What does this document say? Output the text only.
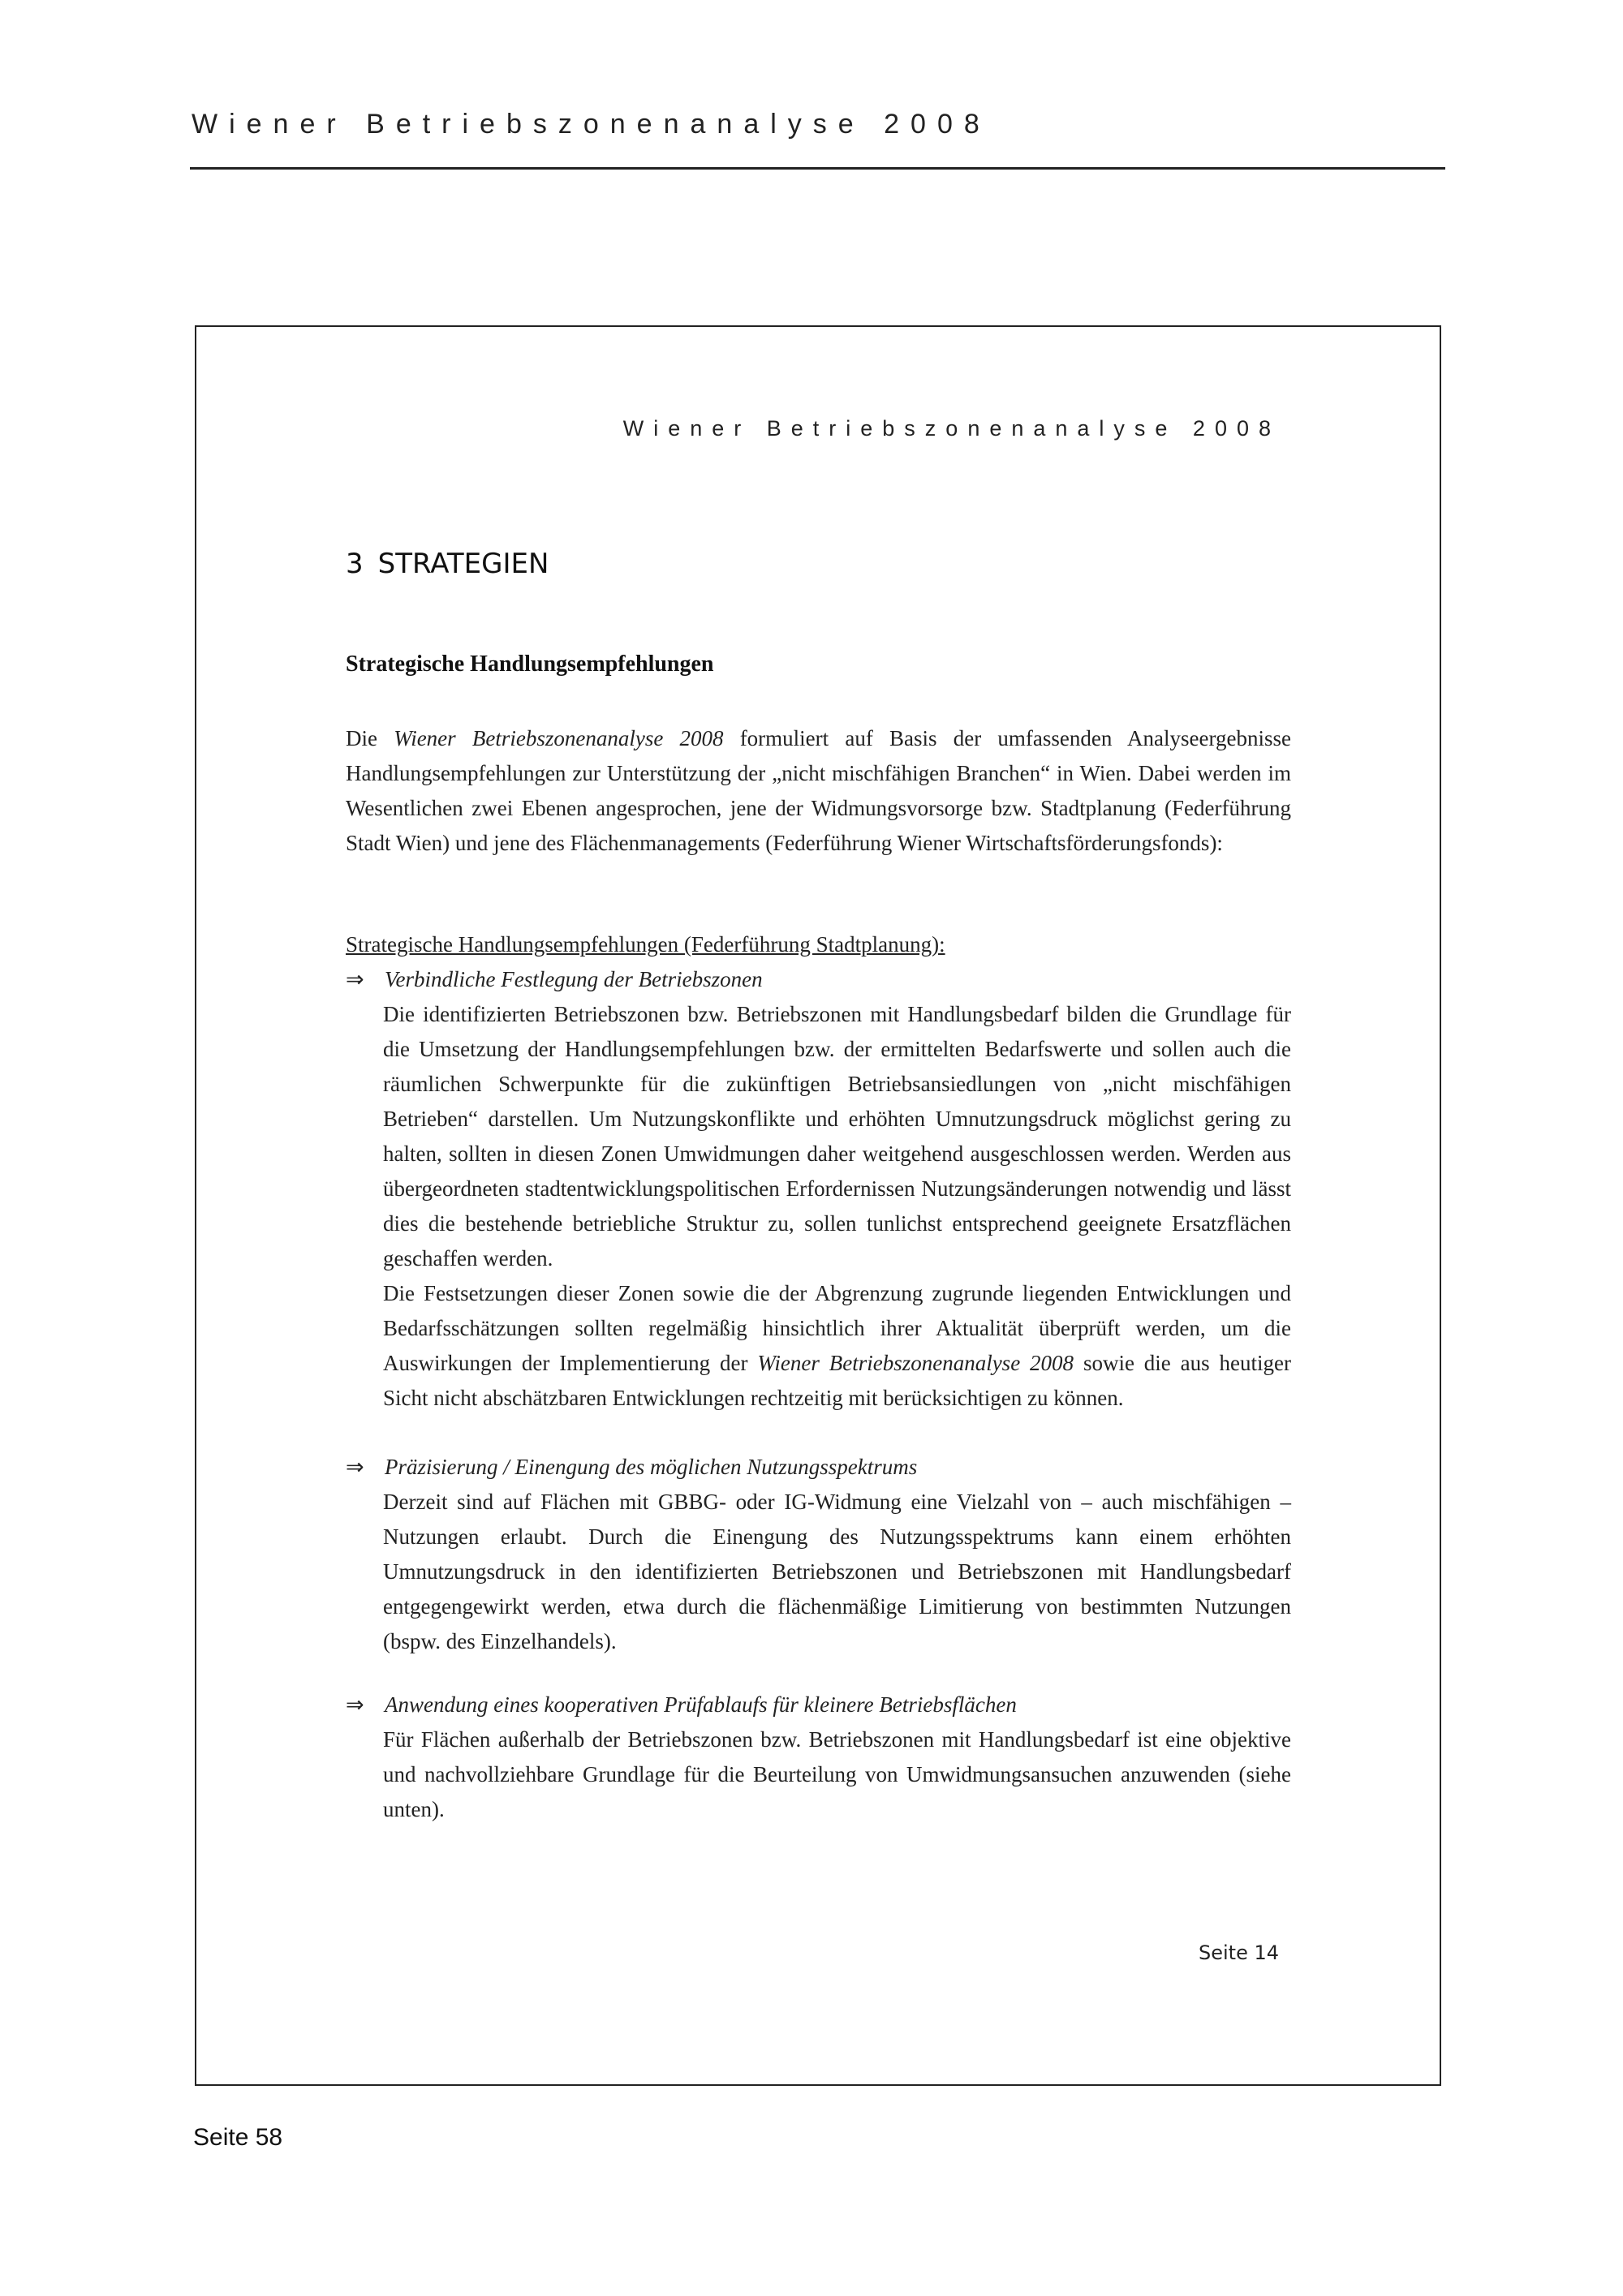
Wiener Betriebszonenanalyse 2008
Wiener Betriebszonenanalyse 2008
3 STRATEGIEN
Strategische Handlungsempfehlungen
Die Wiener Betriebszonenanalyse 2008 formuliert auf Basis der umfassenden Analyseergebnisse Handlungsempfehlungen zur Unterstützung der „nicht mischfähigen Branchen“ in Wien. Dabei werden im Wesentlichen zwei Ebenen angesprochen, jene der Widmungsvorsorge bzw. Stadtplanung (Federführung Stadt Wien) und jene des Flächenmanagements (Federführung Wiener Wirtschaftsförderungsfonds):
Strategische Handlungsempfehlungen (Federführung Stadtplanung):
⇒ Verbindliche Festlegung der Betriebszonen
Die identifizierten Betriebszonen bzw. Betriebszonen mit Handlungsbedarf bilden die Grundlage für die Umsetzung der Handlungsempfehlungen bzw. der ermittelten Bedarfswerte und sollen auch die räumlichen Schwerpunkte für die zukünftigen Betriebsansiedlungen von „nicht mischfähigen Betrieben“ darstellen. Um Nutzungskonflikte und erhöhten Umnutzungsdruck möglichst gering zu halten, sollten in diesen Zonen Umwidmungen daher weitgehend ausgeschlossen werden. Werden aus übergeordneten stadtentwicklungspolitischen Erfordernissen Nutzungsänderungen notwendig und lässt dies die bestehende betriebliche Struktur zu, sollen tunlichst entsprechend geeignete Ersatzflächen geschaffen werden.
Die Festsetzungen dieser Zonen sowie die der Abgrenzung zugrunde liegenden Entwicklungen und Bedarfsschätzungen sollten regelmäßig hinsichtlich ihrer Aktualität überprüft werden, um die Auswirkungen der Implementierung der Wiener Betriebszonenanalyse 2008 sowie die aus heutiger Sicht nicht abschätzbaren Entwicklungen rechtzeitig mit berücksichtigen zu können.
⇒ Präzisierung / Einengung des möglichen Nutzungsspektrums
Derzeit sind auf Flächen mit GBBG- oder IG-Widmung eine Vielzahl von – auch mischfähigen – Nutzungen erlaubt. Durch die Einengung des Nutzungsspektrums kann einem erhöhten Umnutzungsdruck in den identifizierten Betriebszonen und Betriebszonen mit Handlungsbedarf entgegengewirkt werden, etwa durch die flächenmäßige Limitierung von bestimmten Nutzungen (bspw. des Einzelhandels).
⇒ Anwendung eines kooperativen Prüfablaufs für kleinere Betriebsflächen
Für Flächen außerhalb der Betriebszonen bzw. Betriebszonen mit Handlungsbedarf ist eine objektive und nachvollziehbare Grundlage für die Beurteilung von Umwidmungsansuchen anzuwenden (siehe unten).
Seite 14
Seite 58
